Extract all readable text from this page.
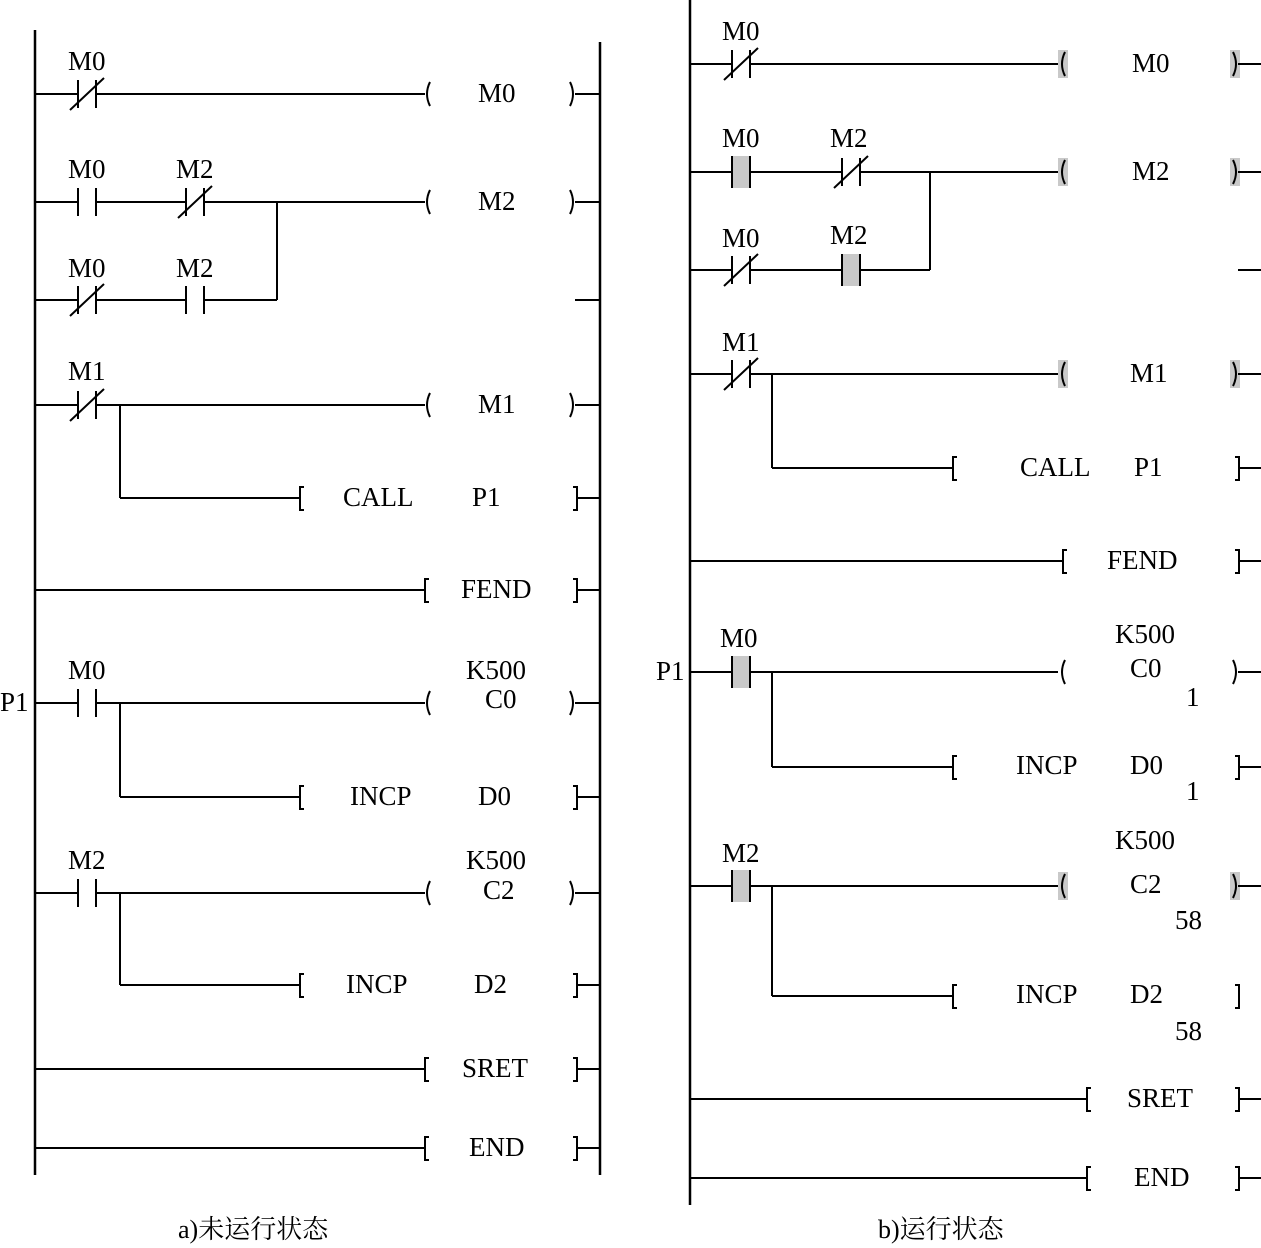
P1
M0
M0
M0	M2
M2
M0	M2
M1
M1
CALL P1
FEND
M0	K500
C0
INCP D0
M2	K500
C2
INCP D2
SRET
END
a)未运行状态
P1
M0
M0
M0	M2
M2
M0	M2
M1
M1
CALL P1
FEND
M0	K500
C0
1
INCP D0
1
M2	K500
C2
58
INCP D2
58
SRET
END
b)运行状态
